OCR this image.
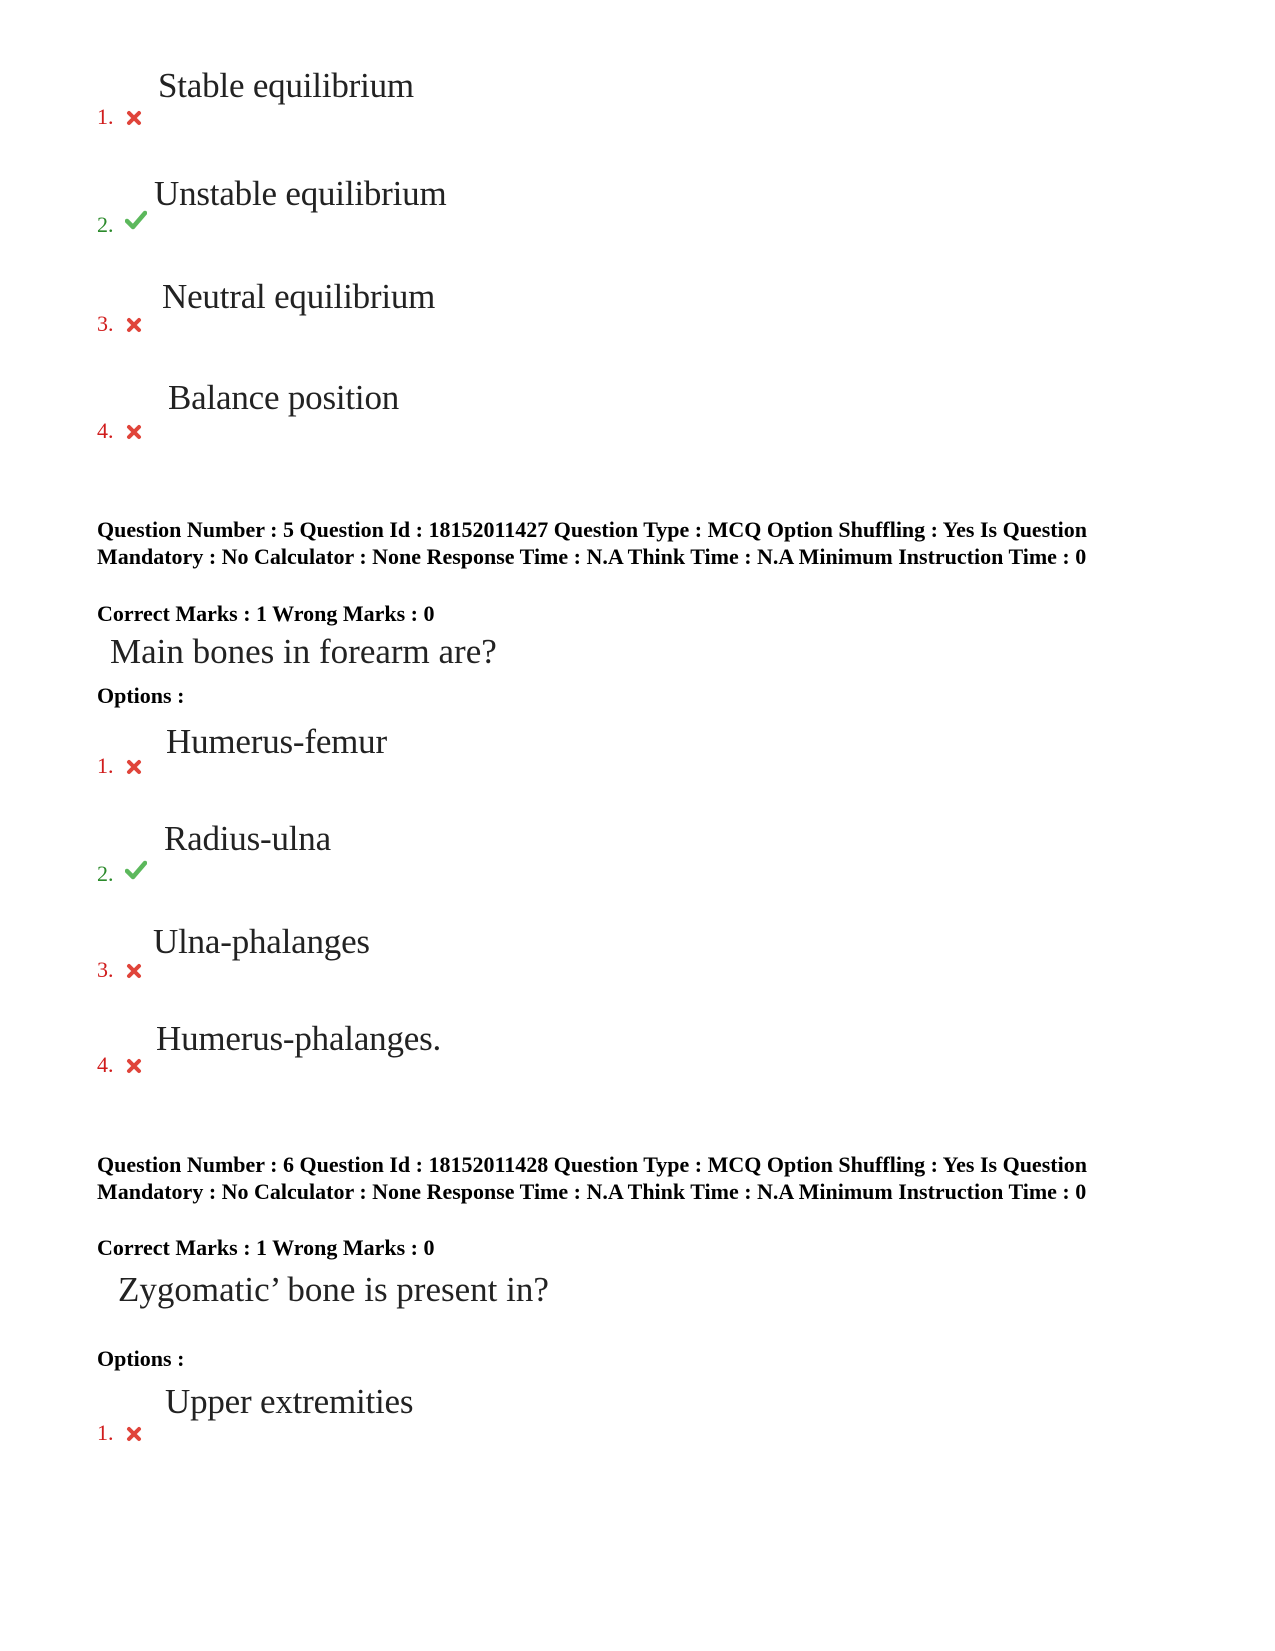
Stable equilibrium
1.
Unstable equilibrium
2.
Neutral equilibrium
3.
Balance position
4.
Question Number : 5 Question Id : 18152011427 Question Type : MCQ Option Shuffling : Yes Is Question Mandatory : No Calculator : None Response Time : N.A Think Time : N.A Minimum Instruction Time : 0
Correct Marks : 1 Wrong Marks : 0
Main bones in forearm are?
Options :
Humerus-femur
1.
Radius-ulna
2.
Ulna-phalanges
3.
Humerus-phalanges.
4.
Question Number : 6 Question Id : 18152011428 Question Type : MCQ Option Shuffling : Yes Is Question Mandatory : No Calculator : None Response Time : N.A Think Time : N.A Minimum Instruction Time : 0
Correct Marks : 1 Wrong Marks : 0
Zygomatic’ bone is present in?
Options :
Upper extremities
1.
